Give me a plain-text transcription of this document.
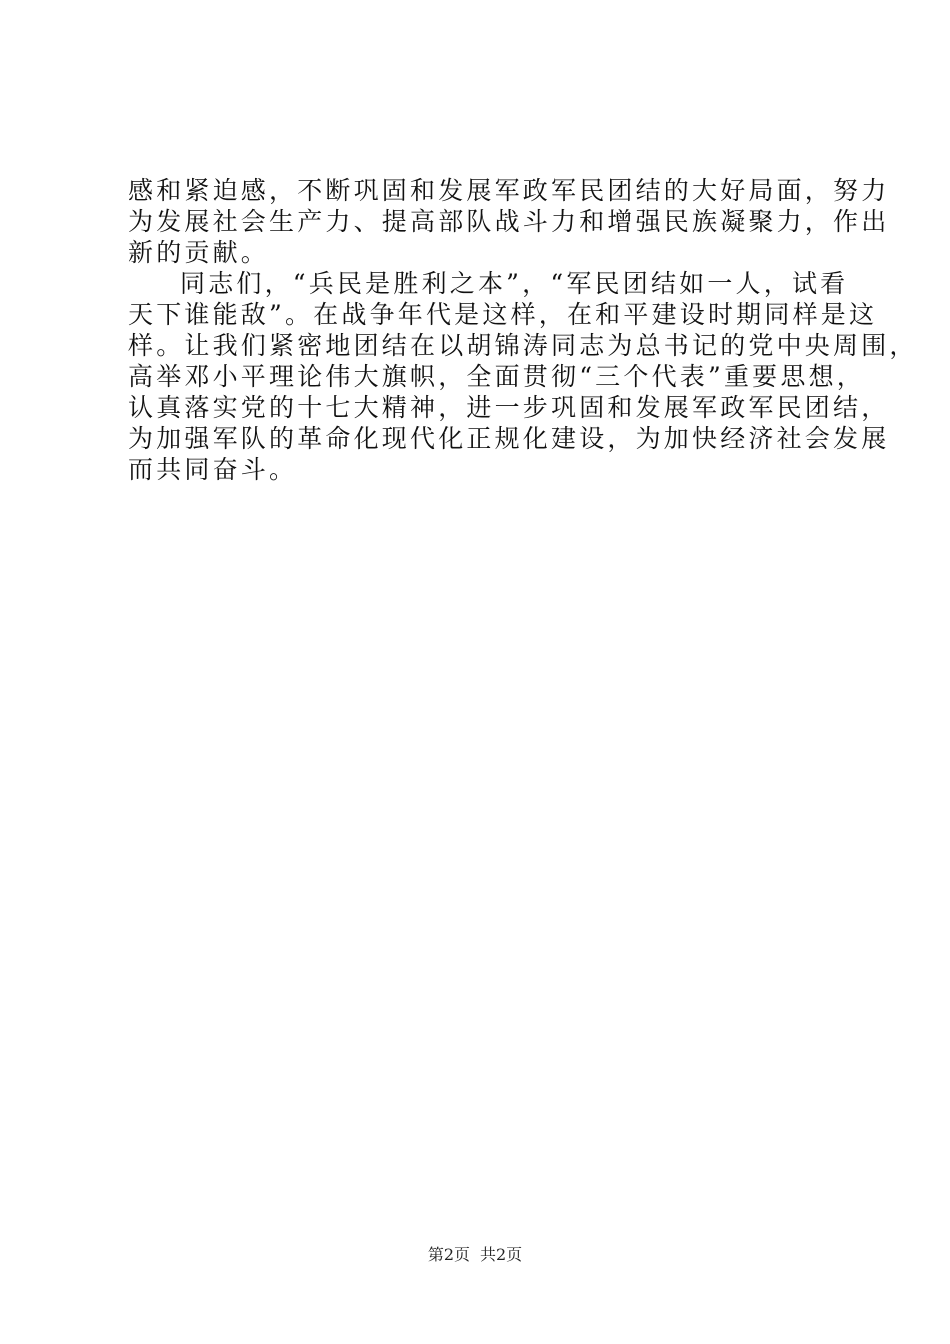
感和紧迫感，不断巩固和发展军政军民团结的大好局面，努力
为发展社会生产力、提高部队战斗力和增强民族凝聚力，作出
新的贡献。
同志们，“兵民是胜利之本”，“军民团结如一人，试看
天下谁能敌”。在战争年代是这样，在和平建设时期同样是这
样。让我们紧密地团结在以胡锦涛同志为总书记的党中央周围，
高举邓小平理论伟大旗帜，全面贯彻“三个代表”重要思想，
认真落实党的十七大精神，进一步巩固和发展军政军民团结，
为加强军队的革命化现代化正规化建设，为加快经济社会发展
而共同奋斗。
第2页 共2页
